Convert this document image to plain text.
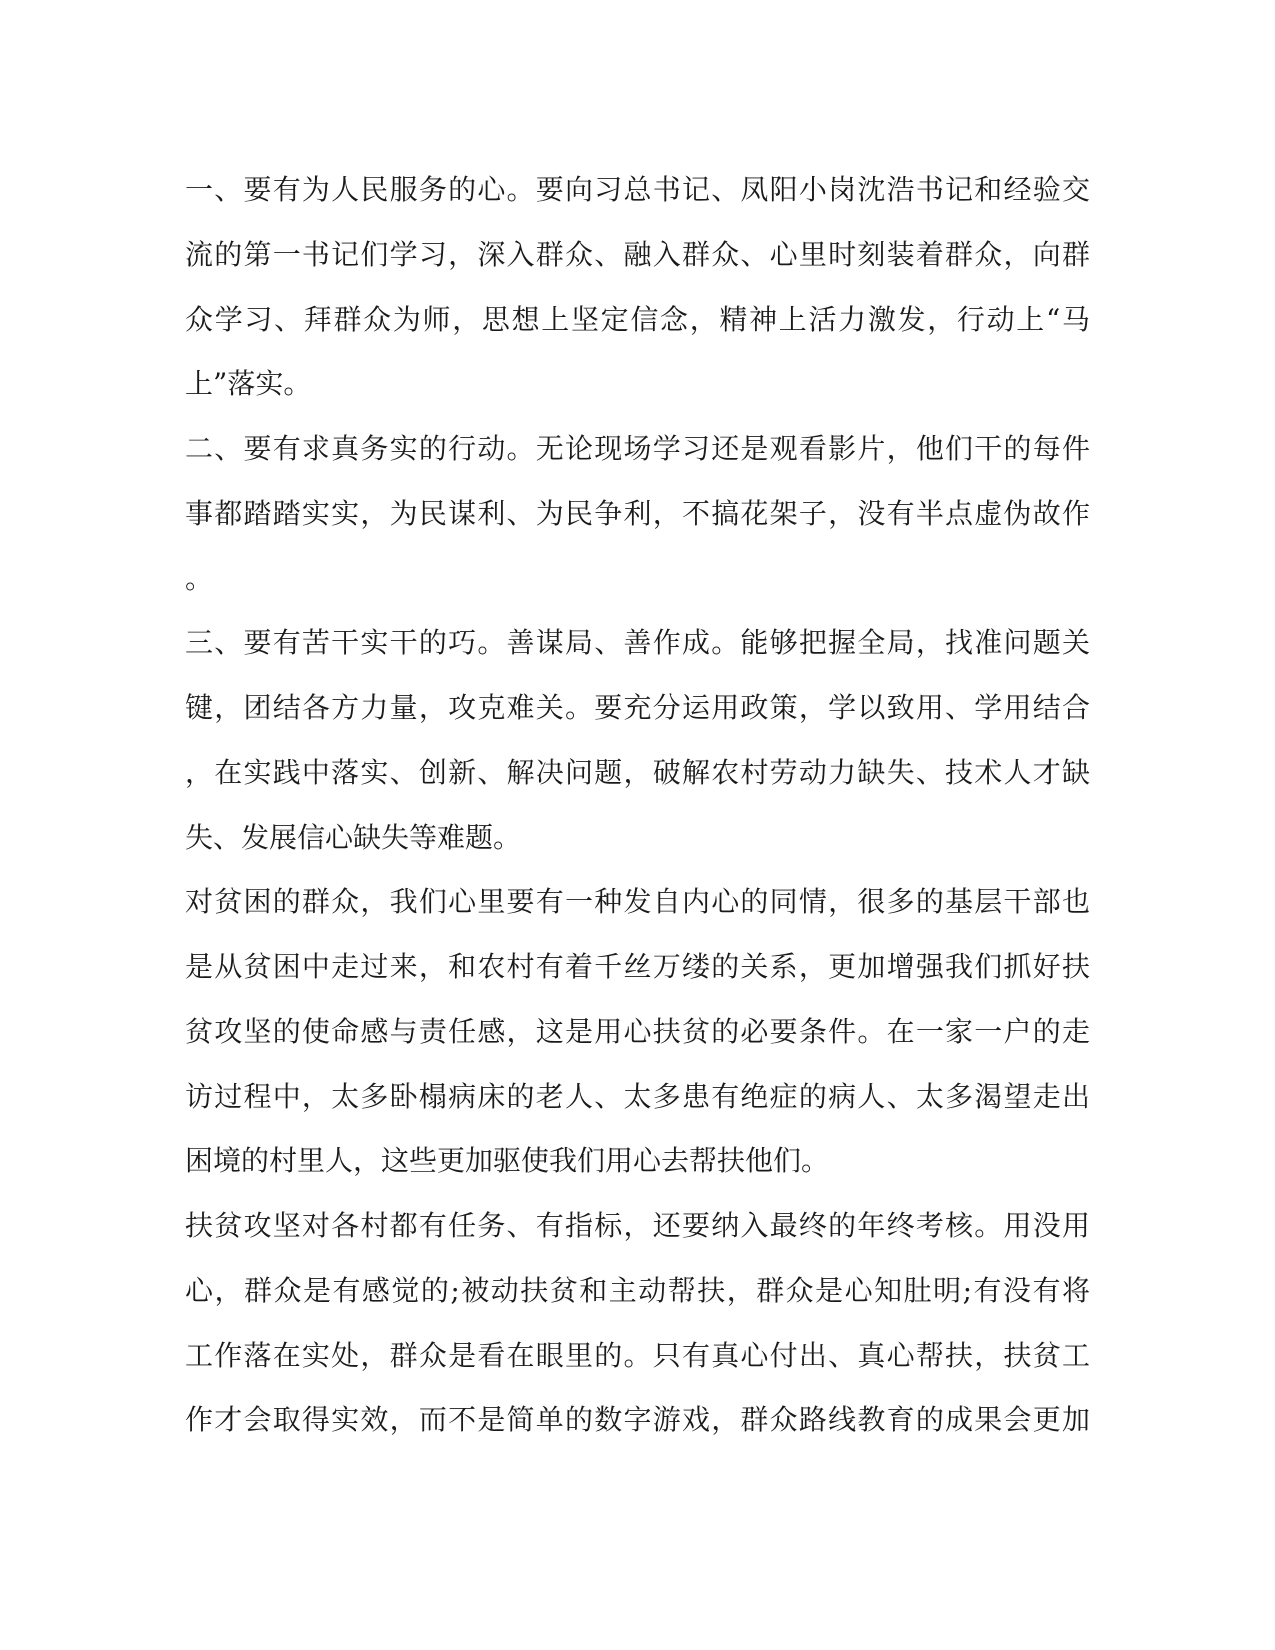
一、要有为人民服务的心。要向习总书记、凤阳小岗沈浩书记和经验交
流的第一书记们学习，深入群众、融入群众、心里时刻装着群众，向群
众学习、拜群众为师，思想上坚定信念，精神上活力激发，行动上“马
上”落实。
二、要有求真务实的行动。无论现场学习还是观看影片，他们干的每件
事都踏踏实实，为民谋利、为民争利，不搞花架子，没有半点虚伪故作
。
三、要有苦干实干的巧。善谋局、善作成。能够把握全局，找准问题关
键，团结各方力量，攻克难关。要充分运用政策，学以致用、学用结合
，在实践中落实、创新、解决问题，破解农村劳动力缺失、技术人才缺
失、发展信心缺失等难题。
对贫困的群众，我们心里要有一种发自内心的同情，很多的基层干部也
是从贫困中走过来，和农村有着千丝万缕的关系，更加增强我们抓好扶
贫攻坚的使命感与责任感，这是用心扶贫的必要条件。在一家一户的走
访过程中，太多卧榻病床的老人、太多患有绝症的病人、太多渴望走出
困境的村里人，这些更加驱使我们用心去帮扶他们。
扶贫攻坚对各村都有任务、有指标，还要纳入最终的年终考核。用没用
心，群众是有感觉的;被动扶贫和主动帮扶，群众是心知肚明;有没有将
工作落在实处，群众是看在眼里的。只有真心付出、真心帮扶，扶贫工
作才会取得实效，而不是简单的数字游戏，群众路线教育的成果会更加
